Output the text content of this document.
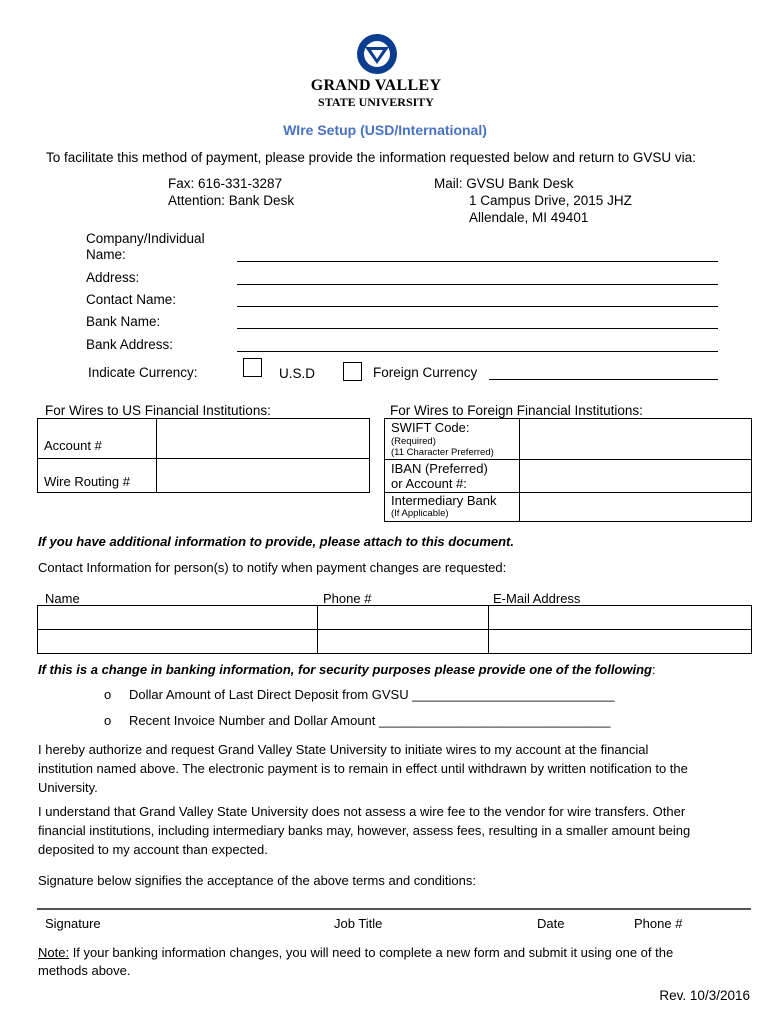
GRAND VALLEY
STATE UNIVERSITY
WIre Setup (USD/International)
To facilitate this method of payment, please provide the information requested below and return to GVSU via:
Fax: 616-331-3287
Attention: Bank Desk
Mail: GVSU Bank Desk
1 Campus Drive, 2015 JHZ
Allendale, MI 49401
Company/Individual
Name:
Address:
Contact Name:
Bank Name:
Bank Address:
Indicate Currency:	U.S.D	Foreign Currency
For Wires to US Financial Institutions:
Account #	
Wire Routing #	
For Wires to Foreign Financial Institutions:
SWIFT Code:
(Required)
(11 Character Preferred)	

IBAN (Preferred)
or Account #:	

Intermediary Bank
(If Applicable)	

If you have additional information to provide, please attach to this document.
Contact Information for person(s) to notify when payment changes are requested:
Name	Phone #	E-Mail Address

If this is a change in banking information, for security purposes please provide one of the following:
o Dollar Amount of Last Direct Deposit from GVSU ____________________________
o Recent Invoice Number and Dollar Amount ________________________________
I hereby authorize and request Grand Valley State University to initiate wires to my account at the financial
institution named above. The electronic payment is to remain in effect until withdrawn by written notification to the
University.
I understand that Grand Valley State University does not assess a wire fee to the vendor for wire transfers. Other
financial institutions, including intermediary banks may, however, assess fees, resulting in a smaller amount being
deposited to my account than expected.
Signature below signifies the acceptance of the above terms and conditions:
Signature	Job Title	Date	Phone #
Note: If your banking information changes, you will need to complete a new form and submit it using one of the
methods above.
Rev. 10/3/2016
